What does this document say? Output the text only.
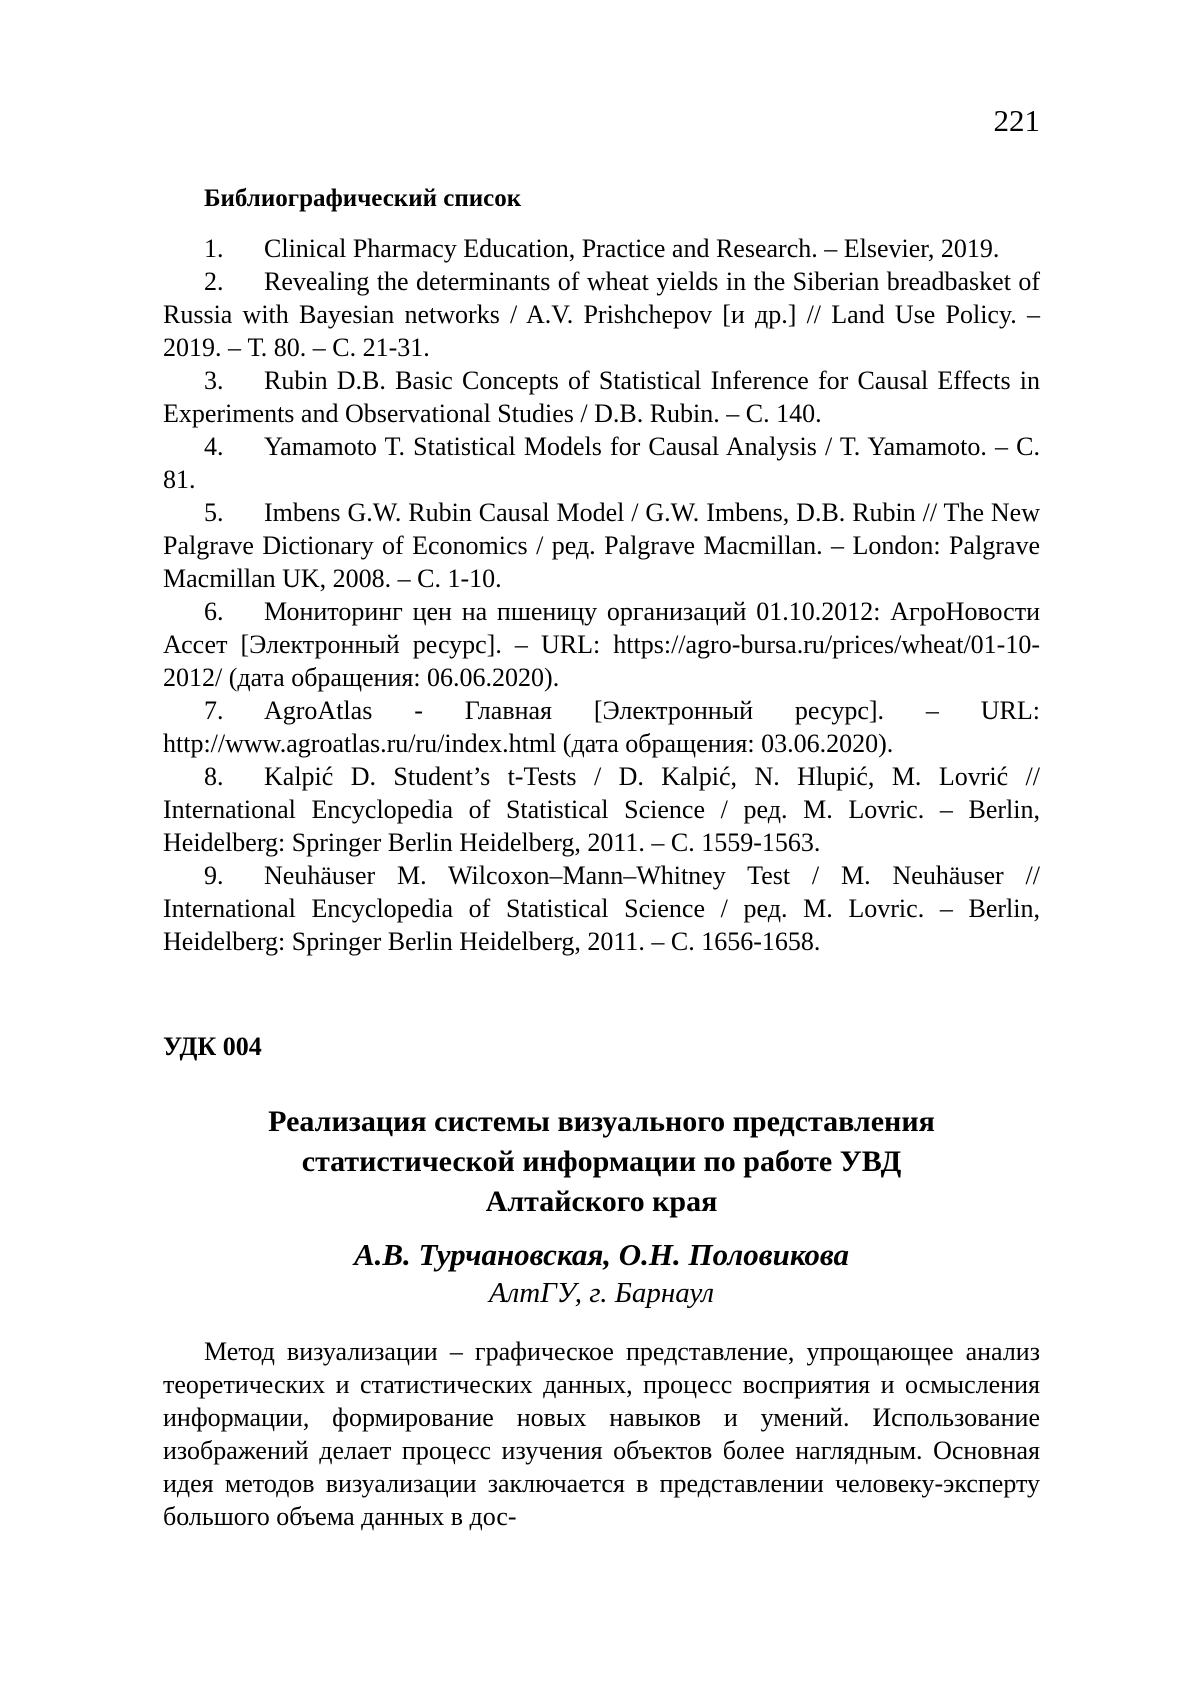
221
Библиографический список
1. Clinical Pharmacy Education, Practice and Research. – Elsevier, 2019.
2. Revealing the determinants of wheat yields in the Siberian breadbasket of Russia with Bayesian networks / A.V. Prishchepov [и др.] // Land Use Policy. – 2019. – Т. 80. – С. 21-31.
3. Rubin D.B. Basic Concepts of Statistical Inference for Causal Effects in Experiments and Observational Studies / D.B. Rubin. – С. 140.
4. Yamamoto T. Statistical Models for Causal Analysis / T. Yamamoto. – С. 81.
5. Imbens G.W. Rubin Causal Model / G.W. Imbens, D.B. Rubin // The New Palgrave Dictionary of Economics / ред. Palgrave Macmillan. – London: Palgrave Macmillan UK, 2008. – С. 1-10.
6. Мониторинг цен на пшеницу организаций 01.10.2012: АгроНовости Ассет [Электронный ресурс]. – URL: https://agro-bursa.ru/prices/wheat/01-10-2012/ (дата обращения: 06.06.2020).
7. AgroAtlas - Главная [Электронный ресурс]. – URL: http://www.agroatlas.ru/ru/index.html (дата обращения: 03.06.2020).
8. Kalpić D. Student’s t-Tests / D. Kalpić, N. Hlupić, M. Lovrić // International Encyclopedia of Statistical Science / ред. M. Lovric. – Berlin, Heidelberg: Springer Berlin Heidelberg, 2011. – С. 1559-1563.
9. Neuhäuser M. Wilcoxon–Mann–Whitney Test / M. Neuhäuser // International Encyclopedia of Statistical Science / ред. M. Lovric. – Berlin, Heidelberg: Springer Berlin Heidelberg, 2011. – С. 1656-1658.
УДК 004
Реализация системы визуального представления
статистической информации по работе УВД
Алтайского края
А.В. Турчановская, О.Н. Половикова
АлтГУ, г. Барнаул

Метод визуализации – графическое представление, упрощающее анализ теоретических и статистических данных, процесс восприятия и осмысления информации, формирование новых навыков и умений. Использование изображений делает процесс изучения объектов более наглядным. Основная идея методов визуализации заключается в представлении человеку-эксперту большого объема данных в дос-
